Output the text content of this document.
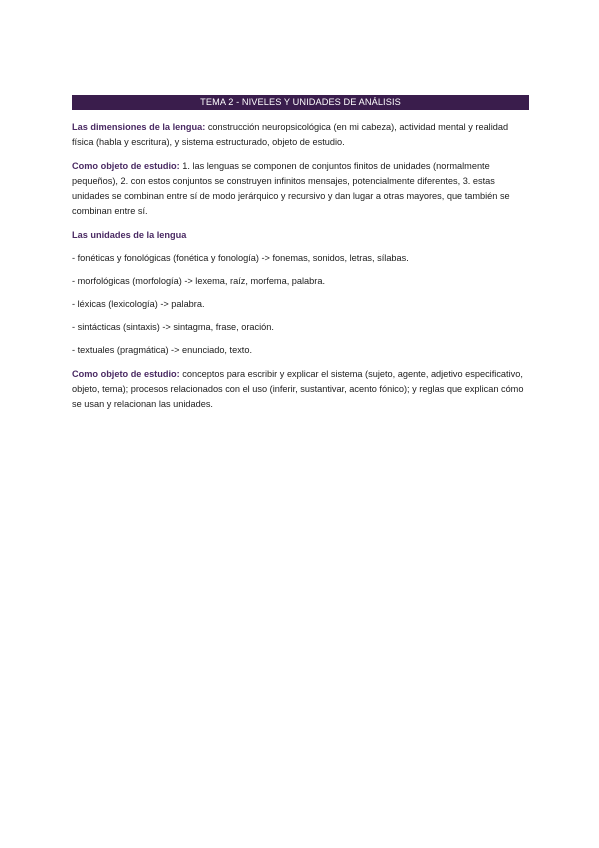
TEMA 2 - NIVELES Y UNIDADES DE ANÁLISIS

Las dimensiones de la lengua: construcción neuropsicológica (en mi cabeza), actividad mental y realidad física (habla y escritura), y sistema estructurado, objeto de estudio.

Como objeto de estudio: 1. las lenguas se componen de conjuntos finitos de unidades (normalmente pequeños), 2. con estos conjuntos se construyen infinitos mensajes, potencialmente diferentes, 3. estas unidades se combinan entre sí de modo jerárquico y recursivo y dan lugar a otras mayores, que también se combinan entre sí.

Las unidades de la lengua
- fonéticas y fonológicas (fonética y fonología) -> fonemas, sonidos, letras, sílabas.
- morfológicas (morfología) -> lexema, raíz, morfema, palabra.
- léxicas (lexicología) -> palabra.
- sintácticas (sintaxis) -> sintagma, frase, oración.
- textuales (pragmática) -> enunciado, texto.

Como objeto de estudio: conceptos para escribir y explicar el sistema (sujeto, agente, adjetivo especificativo, objeto, tema); procesos relacionados con el uso (inferir, sustantivar, acento fónico); y reglas que explican cómo se usan y relacionan las unidades.
